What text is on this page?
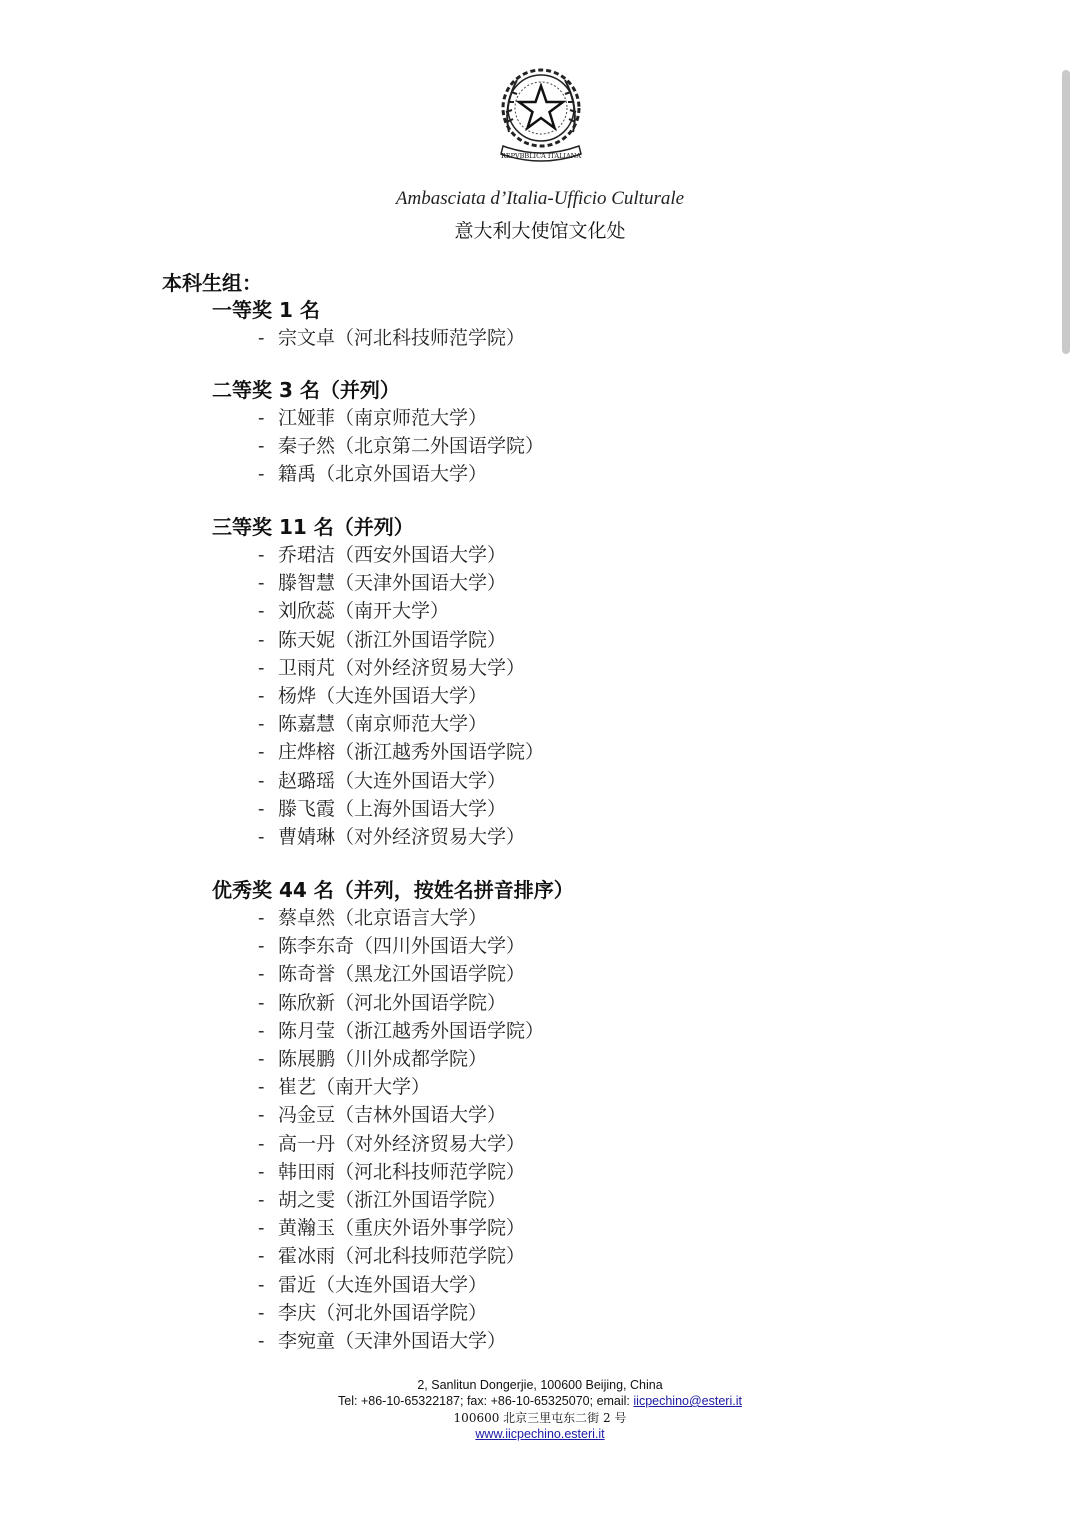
REPVBBLICA ITALIANA
Ambasciata d’Italia-Ufficio Culturale
意大利大使馆文化处
本科生组：
一等奖 1 名
- 宗文卓（河北科技师范学院）
二等奖 3 名（并列）
- 江娅菲（南京师范大学）
- 秦子然（北京第二外国语学院）
- 籍禹（北京外国语大学）
三等奖 11 名（并列）
- 乔珺洁（西安外国语大学）
- 滕智慧（天津外国语大学）
- 刘欣蕊（南开大学）
- 陈天妮（浙江外国语学院）
- 卫雨芃（对外经济贸易大学）
- 杨烨（大连外国语大学）
- 陈嘉慧（南京师范大学）
- 庄烨榕（浙江越秀外国语学院）
- 赵璐瑶（大连外国语大学）
- 滕飞霞（上海外国语大学）
- 曹婧琳（对外经济贸易大学）
优秀奖 44 名（并列，按姓名拼音排序）
- 蔡卓然（北京语言大学）
- 陈李东奇（四川外国语大学）
- 陈奇誉（黑龙江外国语学院）
- 陈欣新（河北外国语学院）
- 陈月莹（浙江越秀外国语学院）
- 陈展鹏（川外成都学院）
- 崔艺（南开大学）
- 冯金豆（吉林外国语大学）
- 高一丹（对外经济贸易大学）
- 韩田雨（河北科技师范学院）
- 胡之雯（浙江外国语学院）
- 黄瀚玉（重庆外语外事学院）
- 霍冰雨（河北科技师范学院）
- 雷近（大连外国语大学）
- 李庆（河北外国语学院）
- 李宛童（天津外国语大学）
2, Sanlitun Dongerjie, 100600 Beijing, China
Tel: +86-10-65322187; fax: +86-10-65325070; email: iicpechino@esteri.it
100600 北京三里屯东二街 2 号
www.iicpechino.esteri.it
